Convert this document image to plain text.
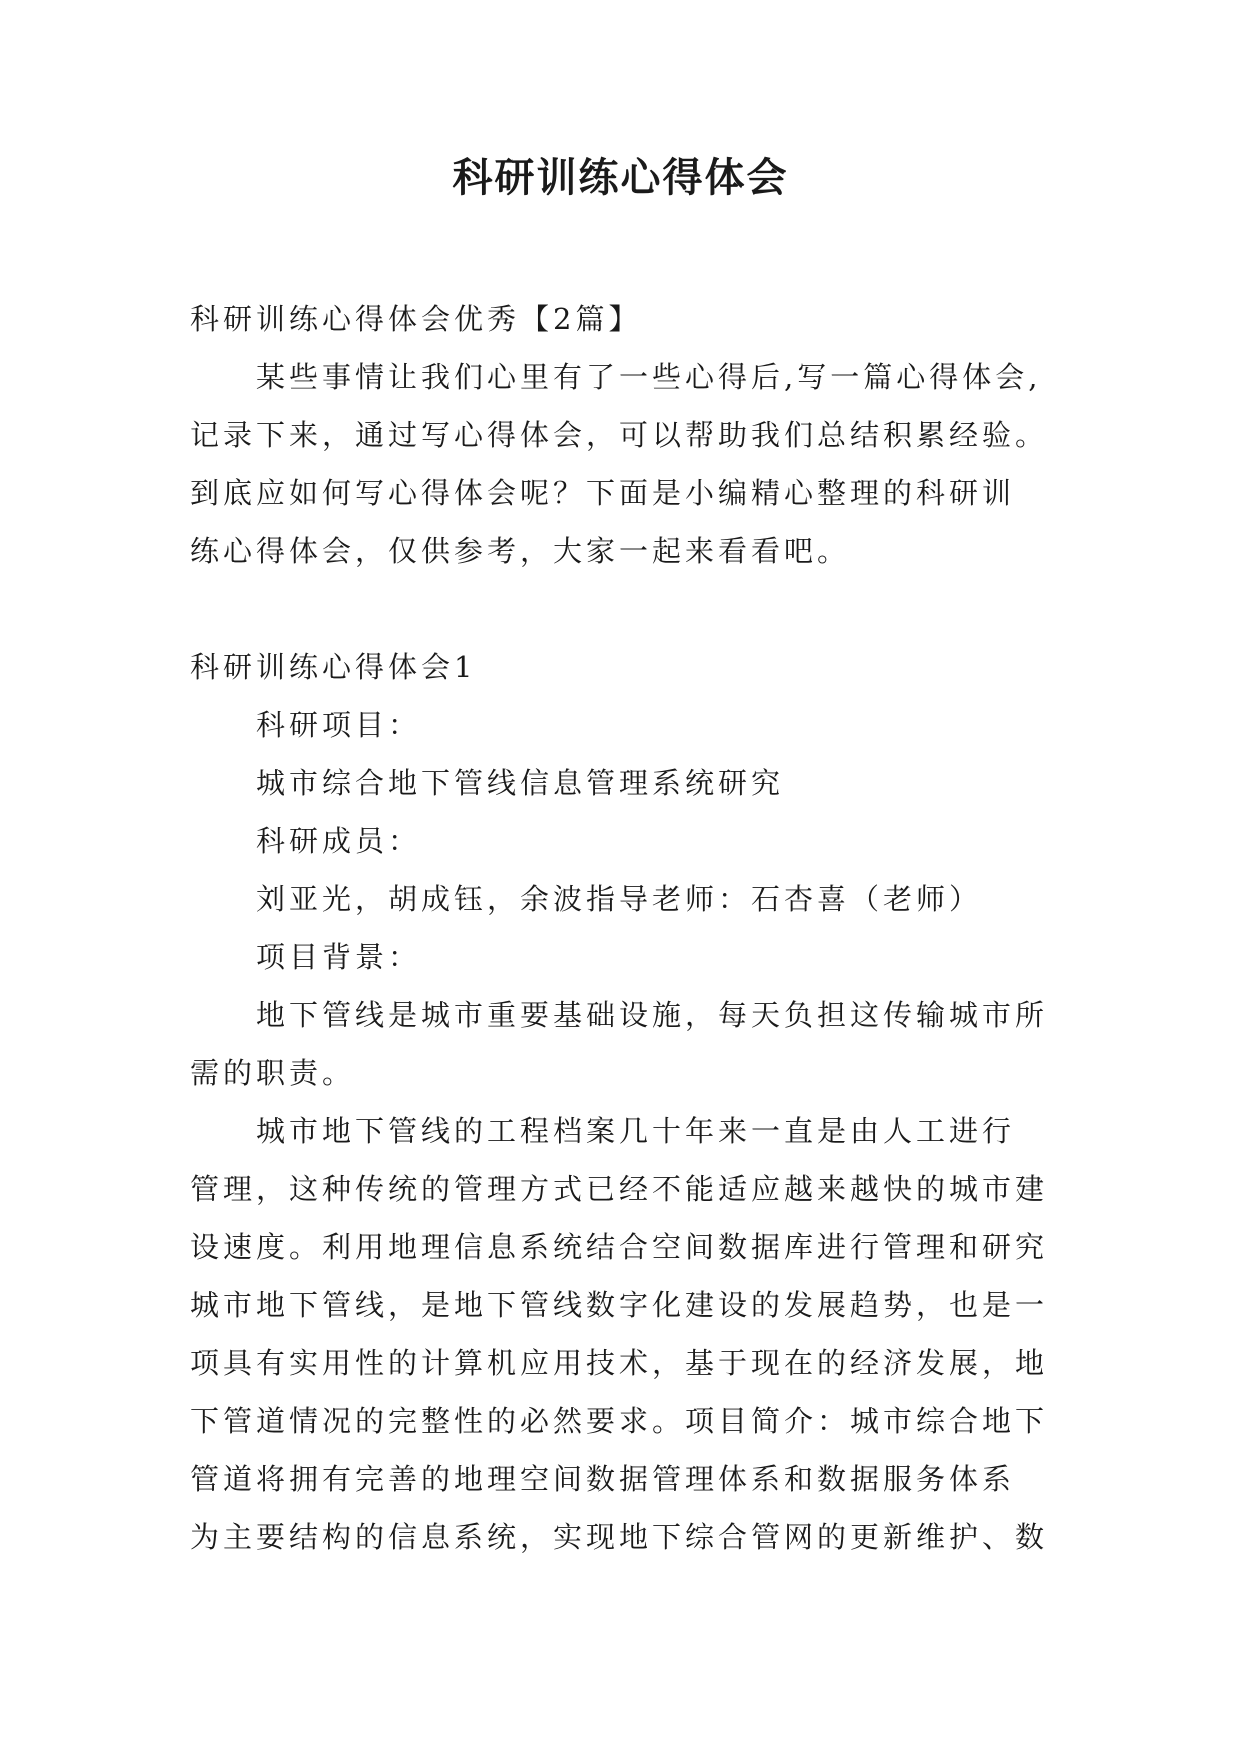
科研训练心得体会

科研训练心得体会优秀【2篇】

某些事情让我们心里有了一些心得后,写一篇心得体会,

记录下来，通过写心得体会，可以帮助我们总结积累经验。

到底应如何写心得体会呢？下面是小编精心整理的科研训

练心得体会，仅供参考，大家一起来看看吧。

科研训练心得体会1

科研项目：

城市综合地下管线信息管理系统研究

科研成员：

刘亚光，胡成钰，余波指导老师：石杏喜（老师）

项目背景：

地下管线是城市重要基础设施，每天负担这传输城市所

需的职责。

城市地下管线的工程档案几十年来一直是由人工进行

管理，这种传统的管理方式已经不能适应越来越快的城市建

设速度。利用地理信息系统结合空间数据库进行管理和研究

城市地下管线，是地下管线数字化建设的发展趋势，也是一

项具有实用性的计算机应用技术，基于现在的经济发展，地

下管道情况的完整性的必然要求。项目简介：城市综合地下

管道将拥有完善的地理空间数据管理体系和数据服务体系

为主要结构的信息系统，实现地下综合管网的更新维护、数
